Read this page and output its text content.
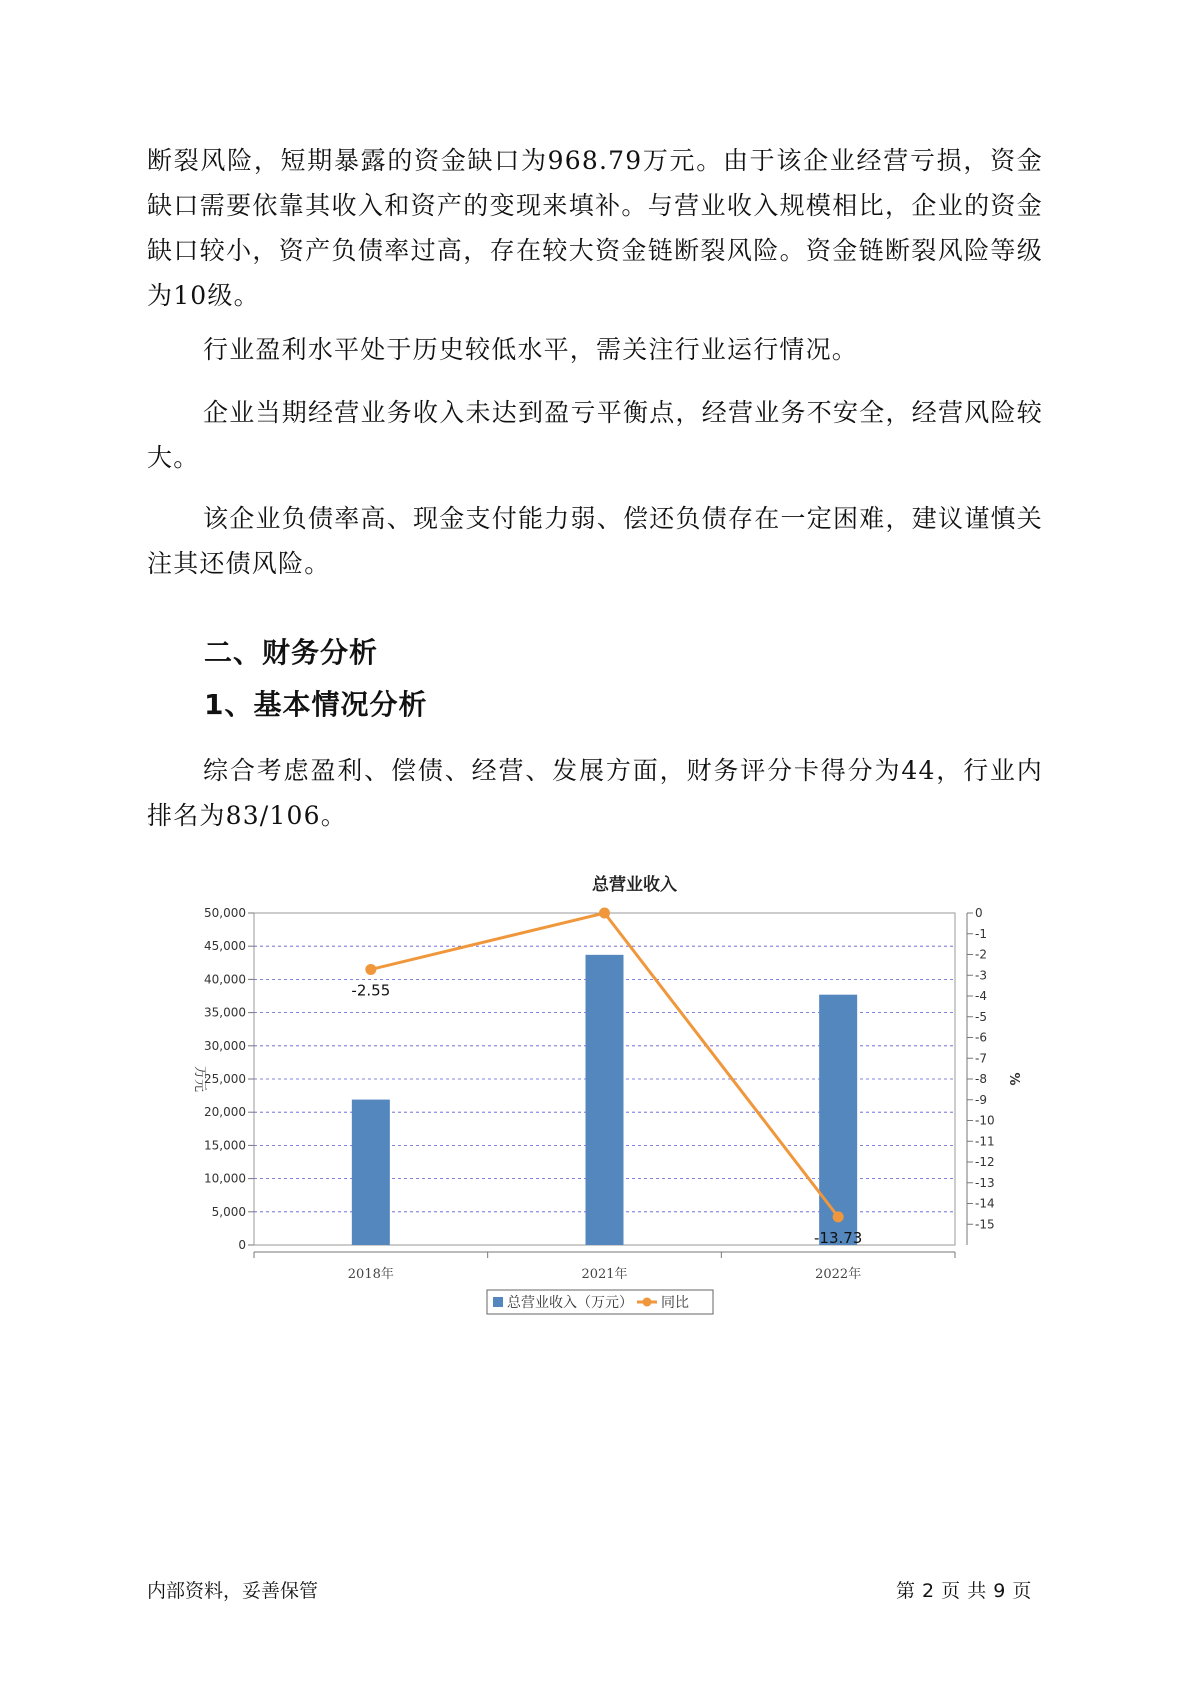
断裂风险，短期暴露的资金缺口为968.79万元。由于该企业经营亏损，资金缺口需要依靠其收入和资产的变现来填补。与营业收入规模相比，企业的资金缺口较小，资产负债率过高，存在较大资金链断裂风险。资金链断裂风险等级为10级。

行业盈利水平处于历史较低水平，需关注行业运行情况。

企业当期经营业务收入未达到盈亏平衡点，经营业务不安全，经营风险较大。

该企业负债率高、现金支付能力弱、偿还负债存在一定困难，建议谨慎关注其还债风险。

二、财务分析
1、基本情况分析

综合考虑盈利、偿债、经营、发展方面，财务评分卡得分为44，行业内排名为83/106。

总营业收入
0
5,000
10,000
15,000
20,000
25,000
30,000
35,000
40,000
45,000
50,000	0
-1
-2
-3
-4
-5
-6
-7
-8
-9
-10
-11
-12
-13
-14
-15
万元	%
2018年	2021年	2022年
-2.55
-13.73
总营业收入（万元） 同比
内部资料，妥善保管	第 2 页 共 9 页
